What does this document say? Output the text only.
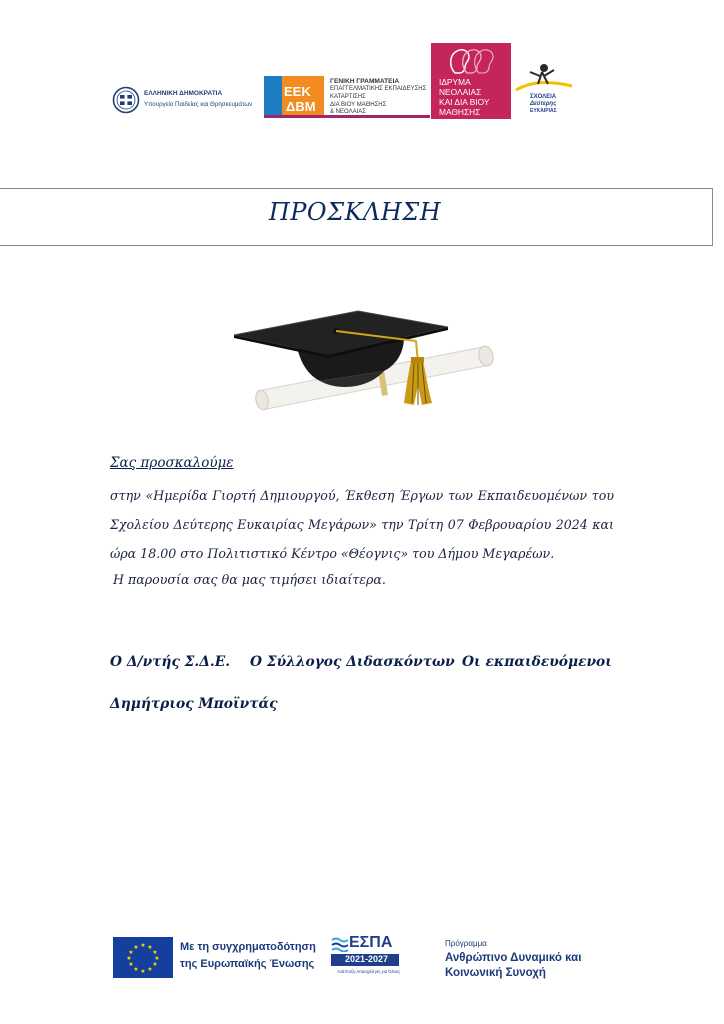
ΕΛΛΗΝΙΚΗ ΔΗΜΟΚΡΑΤΙΑ
Υπουργείο Παιδείας και Θρησκευμάτων
ΕΕΚ
ΔΒΜ
ΓΕΝΙΚΗ ΓΡΑΜΜΑΤΕΙΑ
ΕΠΑΓΓΕΛΜΑΤΙΚΗΣ ΕΚΠΑΙΔΕΥΣΗΣ
ΚΑΤΑΡΤΙΣΗΣ
ΔΙΑ ΒΙΟΥ ΜΑΘΗΣΗΣ
& ΝΕΟΛΑΙΑΣ
ΙΔΡΥΜΑ
ΝΕΟΛΑΙΑΣ
ΚΑΙ ΔΙΑ ΒΙΟΥ
ΜΑΘΗΣΗΣ
ΣΧΟΛΕΙΑ
Δεύτερης
ΕΥΚΑΙΡΙΑΣ
ΠΡΟΣΚΛΗΣΗ
Σας προσκαλούμε
στην «Ημερίδα Γιορτή Δημιουργού, Έκθεση Έργων των Εκπαιδευομένων του
Σχολείου Δεύτερης Ευκαιρίας Μεγάρων» την Τρίτη 07 Φεβρουαρίου 2024 και
ώρα 18.00 στο Πολιτιστικό Κέντρο «Θέογνις» του Δήμου Μεγαρέων.
Η παρουσία σας θα μας τιμήσει ιδιαίτερα.
Ο Δ/ντής Σ.Δ.Ε. Ο Σύλλογος Διδασκόντων Οι εκπαιδευόμενοι
Δημήτριος Μποϊντάς
★ ★
★
★
★
★
★
★
★
★
★
★	Με τη συγχρηματοδότηση
της Ευρωπαϊκής Ένωσης
ΕΣΠΑ
2021-2027
Ανάπτυξη Απασχόληση για Όλους
Πρόγραμμα
Ανθρώπινο Δυναμικό και
Κοινωνική Συνοχή
